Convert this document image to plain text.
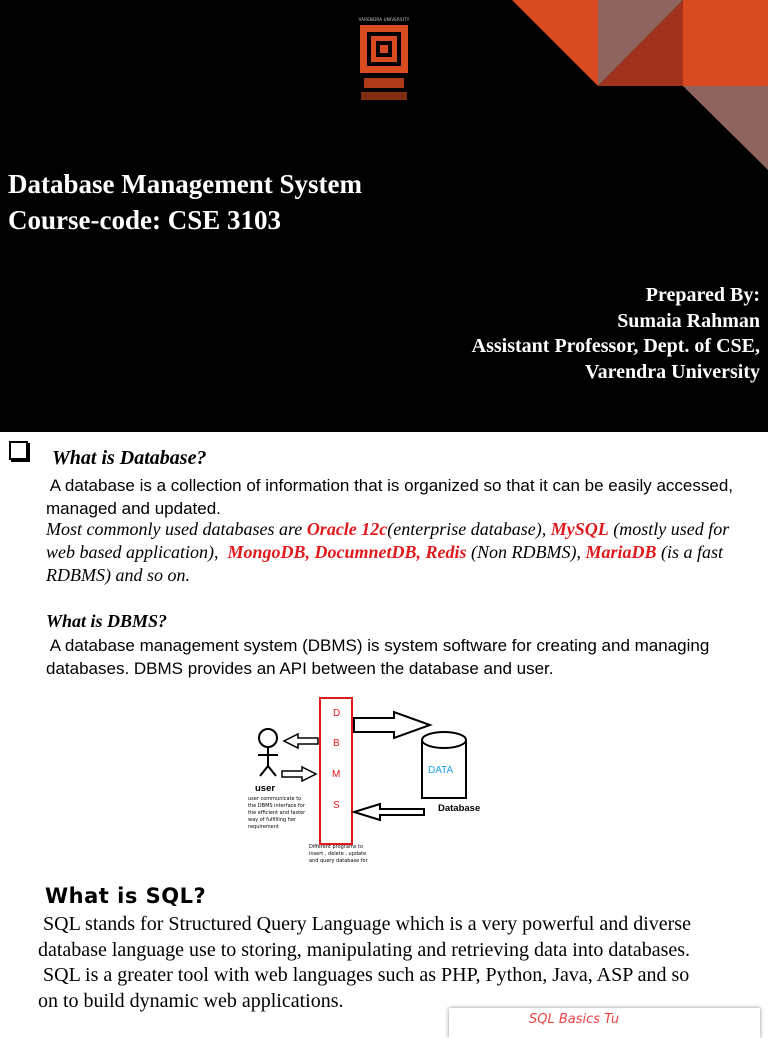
VARENDRA UNIVERSITY
Database Management System
Course-code: CSE 3103
Prepared By:
Sumaia Rahman
Assistant Professor, Dept. of CSE,
Varendra University
What is Database?
A database is a collection of information that is organized so that it can be easily accessed,
managed and updated.
Most commonly used databases are Oracle 12c(enterprise database), MySQL (mostly used for web based application),  MongoDB, DocumnetDB, Redis (Non RDBMS), MariaDB (is a fast RDBMS) and so on.
What is DBMS?
A database management system (DBMS) is system software for creating and managing
databases. DBMS provides an API between the database and user.
D
B
M
S
DATA
Database
user
user communicate to
the DBMS interface for
the efficient and faster
way of fulfilling her
requirement
Different programs to
insert , delete , update
and query database for
What is SQL?
SQL stands for Structured Query Language which is a very powerful and diverse
database language use to storing, manipulating and retrieving data into databases.
SQL is a greater tool with web languages such as PHP, Python, Java, ASP and so
on to build dynamic web applications.
SQL Basics Tu
